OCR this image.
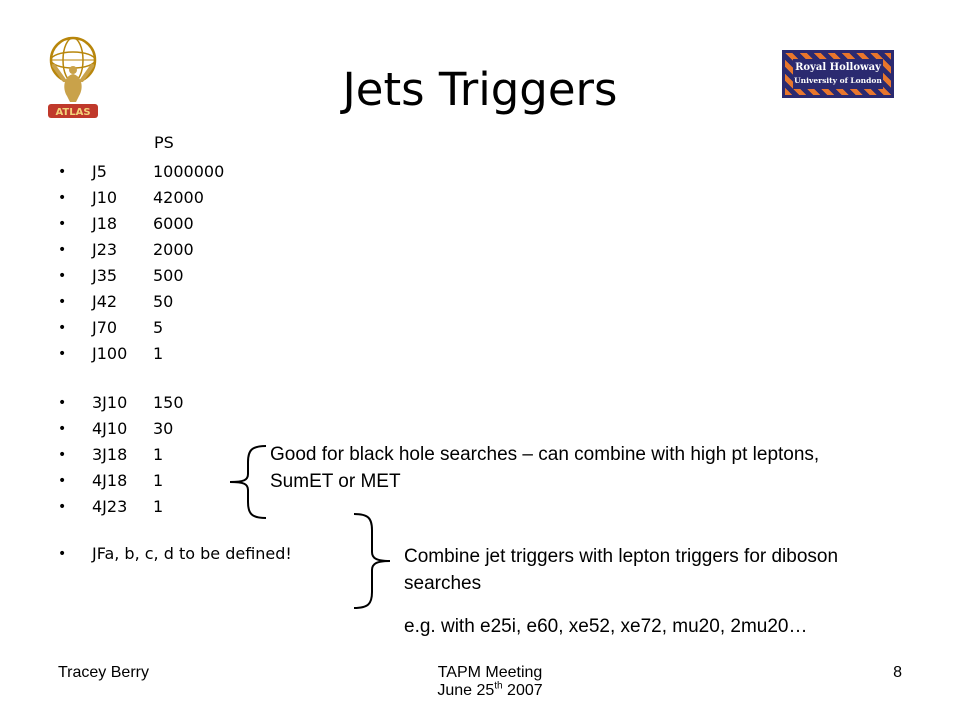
ATLAS
Royal Holloway
University of London
Jets Triggers
PS
• J5	1000000
• J10 42000
• J18 6000
• J23 2000
• J35 500
• J42 50
• J70 5
• J100 1
• 3J10 150
• 4J10 30
• 3J18 1
• 4J18 1
• 4J23 1
• JFa, b, c, d to be defined!
Good for black hole searches – can combine with high pt leptons, SumET or MET
Combine jet triggers with lepton triggers for diboson searches
e.g. with e25i, e60, xe52, xe72, mu20, 2mu20…
Tracey Berry	TAPM Meeting
June 25th 2007
8
